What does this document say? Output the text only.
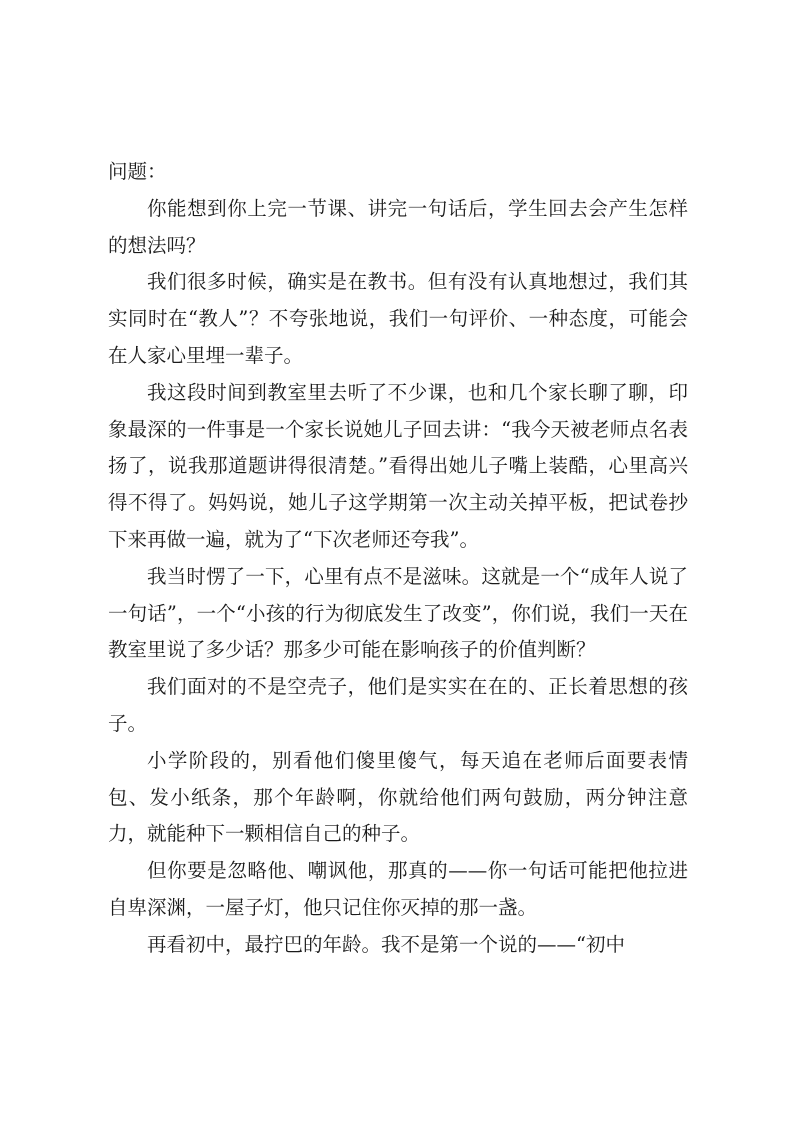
问题：

你能想到你上完一节课、讲完一句话后，学生回去会产生怎样的想法吗？

我们很多时候，确实是在教书。但有没有认真地想过，我们其实同时在“教人”？不夸张地说，我们一句评价、一种态度，可能会在人家心里埋一辈子。

我这段时间到教室里去听了不少课，也和几个家长聊了聊，印象最深的一件事是一个家长说她儿子回去讲：“我今天被老师点名表扬了，说我那道题讲得很清楚。”看得出她儿子嘴上装酷，心里高兴得不得了。妈妈说，她儿子这学期第一次主动关掉平板，把试卷抄下来再做一遍，就为了“下次老师还夸我”。

我当时愣了一下，心里有点不是滋味。这就是一个“成年人说了一句话”，一个“小孩的行为彻底发生了改变”，你们说，我们一天在教室里说了多少话？那多少可能在影响孩子的价值判断？

我们面对的不是空壳子，他们是实实在在的、正长着思想的孩子。

小学阶段的，别看他们傻里傻气，每天追在老师后面要表情包、发小纸条，那个年龄啊，你就给他们两句鼓励，两分钟注意力，就能种下一颗相信自己的种子。

但你要是忽略他、嘲讽他，那真的——你一句话可能把他拉进自卑深渊，一屋子灯，他只记住你灭掉的那一盏。

再看初中，最拧巴的年龄。我不是第一个说的——“初中
